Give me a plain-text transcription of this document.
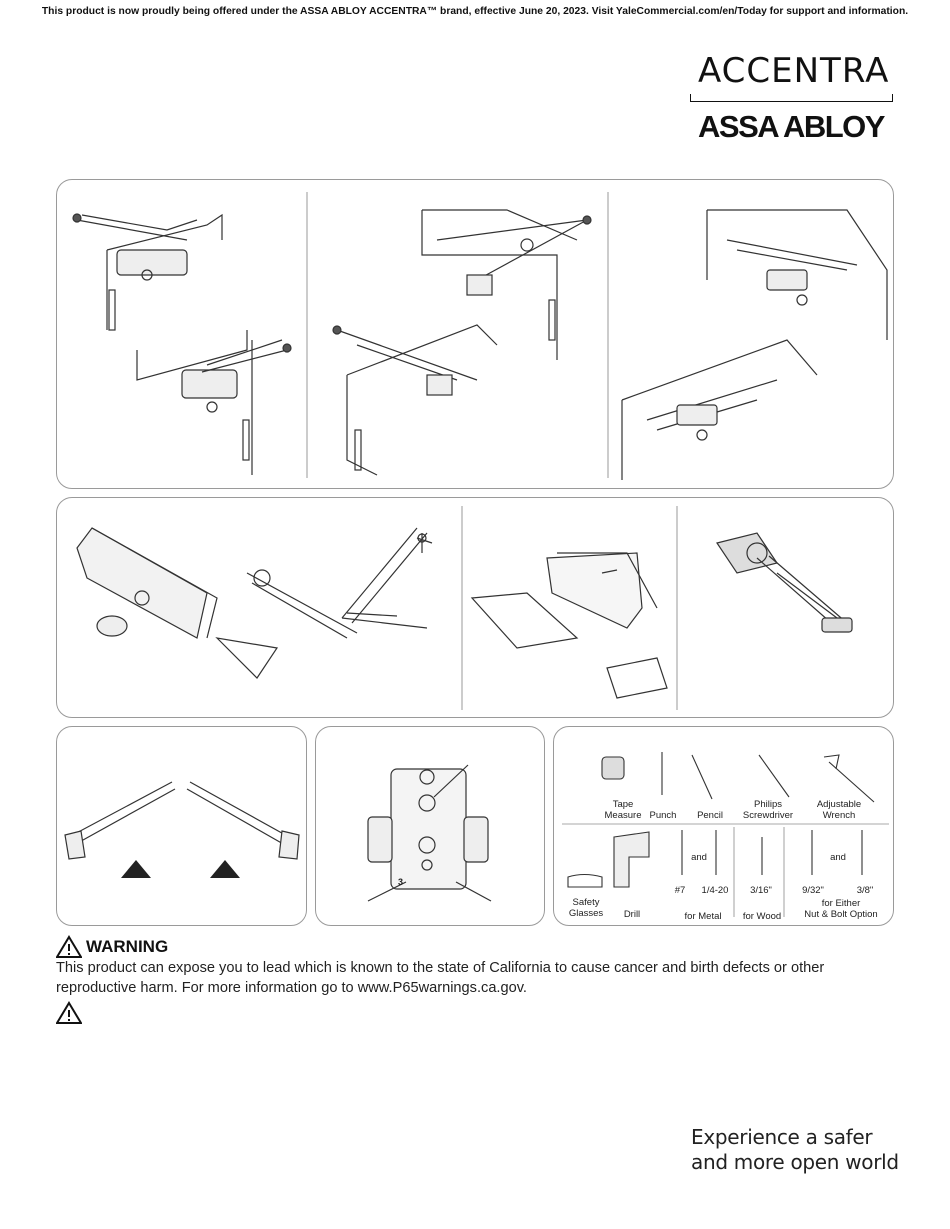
This product is now proudly being offered under the ASSA ABLOY ACCENTRA™ brand, effective June 20, 2023. Visit YaleCommercial.com/en/Today for support and information.
ACCENTRA
ASSA ABLOY
3
Tape
Measure Punch	Pencil
Philips
Screwdriver
Adjustable
Wrench
Safety
Glasses	Drill
and	and
#7	1/4-20	3/16"	9/32"	3/8"
for Metal	for Wood
for Either
Nut & Bolt Option
WARNING
This product can expose you to lead which is known to the state of California to cause cancer and birth defects or other reproductive harm. For more information go to www.P65warnings.ca.gov.
Experience a safer
and more open world
